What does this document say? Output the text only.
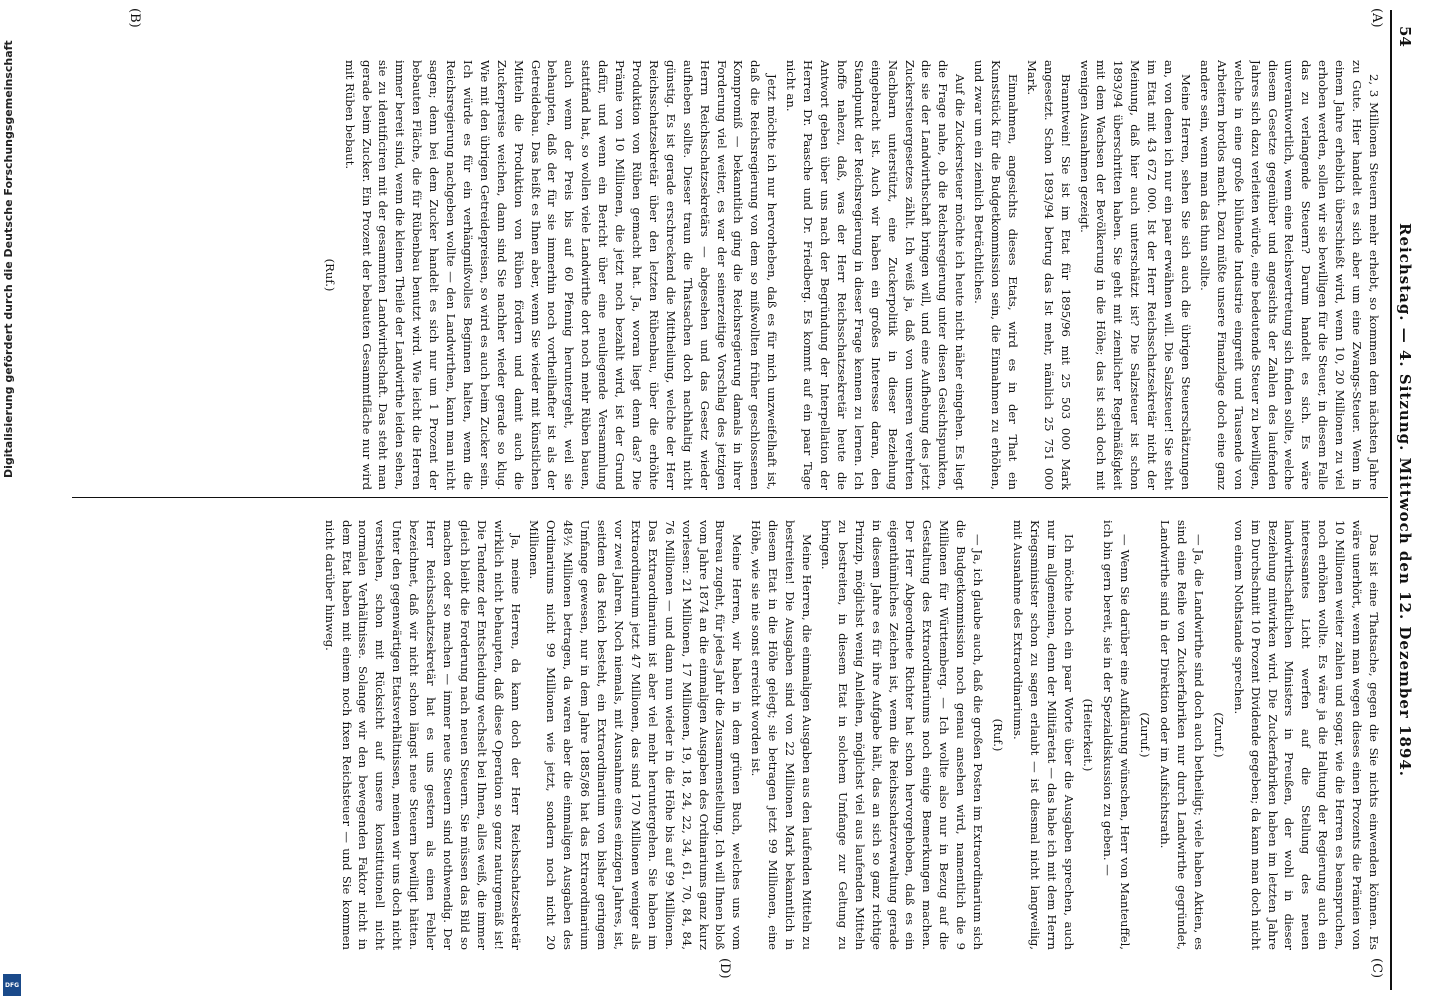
54
Reichstag. — 4. Sitzung. Mittwoch den 12. Dezember 1894.
(A)
(B)
(C)
(D)

2, 3 Millionen Steuern mehr erhebt, so kommen dem nächsten Jahre zu Gute. Hier handelt es sich aber um eine Zwangs-Steuer. Wenn in einem Jahre erheblich überschießt wird, wenn 10, 20 Millionen zu viel erhoben werden, sollen wir sie bewilligen für die Steuer, in diesem Falle das zu verlangende Steuern? Darum handelt es sich. Es wäre unverantwortlich, wenn eine Reichsvertretung sich finden sollte, welche diesem Gesetze gegenüber und angesichts der Zahlen des laufenden Jahres sich dazu verleiten würde, eine bedeutende Steuer zu bewilligen, welche in eine große blühende Industrie eingreift und Tausende von Arbeitern brotlos macht. Dazu müßte unsere Finanzlage doch eine ganz andere sein, wenn man das thun sollte.

Meine Herren, sehen Sie sich auch die übrigen Steuerschätzungen an, von denen ich nur ein paar erwähnen will. Die Salzsteuer! Sie steht im Etat mit 43 672 000. Ist der Herr Reichsschatzsekretär nicht der Meinung, daß hier auch unterschätzt ist? Die Salzsteuer ist schon 1893/94 überschritten haben. Sie geht mit ziemlicher Regelmäßigkeit mit dem Wachsen der Bevölkerung in die Höhe; das ist sich doch mit wenigen Ausnahmen gezeigt.

Branntwein! Sie ist im Etat für 1895/96 mit 25 503 000 Mark angesetzt. Schon 1893/94 betrug das Ist mehr, nämlich 25 751 000 Mark.

Einnahmen, angesichts dieses Etats, wird es in der That ein Kunststück für die Budgetkommission sein, die Einnahmen zu erhöhen, und zwar um ein ziemlich Beträchtliches.

Auf die Zuckersteuer möchte ich heute nicht näher eingehen. Es liegt die Frage nahe, ob die Reichsregierung unter diesen Gesichtspunkten, die sie der Landwirthschaft bringen will, und eine Aufhebung des jetzt Zuckersteuergesetzes zählt. Ich weiß ja, daß von unseren verehrten Nachbarn unterstützt, eine Zuckerpolitik in dieser Beziehung eingebracht ist. Auch wir haben ein großes Interesse daran, den Standpunkt der Reichsregierung in dieser Frage kennen zu lernen. Ich hoffe nahezu, daß, was der Herr Reichsschatzsekretär heute die Antwort geben über uns nach der Begründung der Interpellation der Herren Dr. Paasche und Dr. Friedberg. Es kommt auf ein paar Tage nicht an.

Jetzt möchte ich nur hervorheben, daß es für mich unzweifelhaft ist, daß die Reichsregierung von dem so mißwollten früher geschlossenen Kompromiß — bekanntlich ging die Reichsregierung damals in ihrer Forderung viel weiter, es war der seinerzeitige Vorschlag des jetzigen Herrn Reichsschatzsekretärs — abgesehen und das Gesetz wieder aufheben sollte. Dieser traun die Thatsachen doch nachhaltig nicht günstig. Es ist gerade erschreckend die Mittheilung, welche der Herr Reichsschatzsekretär über den letzten Rübenbau, über die erhöhte Produktion von Rüben gemacht hat. Ja, woran liegt denn das? Die Prämie von 10 Millionen, die jetzt noch bezahlt wird, ist der Grund dafür, und wenn ein Bericht über eine neuliegende Versammlung stattfand hat, so wollen viele Landwirthe dort noch mehr Rüben bauen, auch wenn der Preis bis auf 60 Pfennig heruntergeht, weil sie behaupten, daß der für sie immerhin noch vortheilhafter ist als der Getreidebau. Das heißt es Ihnen aber, wenn Sie wieder mit künstlichen Mitteln die Produktion von Rüben fördern und damit auch die Zuckerpreise weichen, dann sind Sie nachher wieder gerade so klug. Wie mit den übrigen Getreidepreisen, so wird es auch beim Zucker sein. Ich würde es für ein verhängnißvolles Beginnen halten, wenn die Reichsregierung nachgeben wollte — den Landwirthen, kann man nicht sagen; denn bei dem Zucker handelt es sich nur um 1 Prozent der bebauten Fläche, die für Rübenbau benutzt wird. Wie leicht die Herren immer bereit sind, wenn die kleinen Theile der Landwirthe leiden sehen, sie zu identificiren mit der gesammten Landwirthschaft. Das steht man gerade beim Zucker. Ein Prozent der bebauten Gesammtfläche nur wird mit Rüben bebaut.

(Ruf.)

Das ist eine Thatsache, gegen die Sie nichts einwenden können. Es wäre unerhört, wenn man wegen dieses einen Prozents die Prämien von 10 Millionen weiter zahlen und sogar, wie die Herren es beanspruchen, noch erhöhen wollte. Es wäre ja die Haltung der Regierung auch ein interessantes Licht werfen auf die Stellung des neuen landwirthschaftlichen Ministers in Preußen, der wohl in dieser Beziehung mitwirken wird. Die Zuckerfabriken haben im letzten Jahre im Durchschnitt 10 Prozent Dividende gegeben; da kann man doch nicht von einem Nothstande sprechen.

(Zuruf.)

— Ja, die Landwirthe sind doch auch betheiligt; viele haben Aktien, es sind eine Reihe von Zuckerfabriken nur durch Landwirthe gegründet, Landwirthe sind in der Direktion oder im Aufsichtsrath.

(Zuruf.)

— Wenn Sie darüber eine Aufklärung wünschen, Herr von Manteuffel, ich bin gern bereit, sie in der Spezialdiskussion zu geben. —

(Heiterkeit.)

Ich möchte noch ein paar Worte über die Ausgaben sprechen, auch nur im allgemeinen, denn der Militäretat — das habe ich mit dem Herrn Kriegsminister schon zu sagen erlaubt — ist diesmal nicht langweilig, mit Ausnahme des Extraordinariums.

(Ruf.)

— Ja, ich glaube auch, daß die großen Posten im Extraordinarium sich die Budgetkommission noch genau ansehen wird, namentlich die 9 Millionen für Württemberg. — Ich wollte also nur in Bezug auf die Gestaltung des Extraordinariums noch einige Bemerkungen machen. Der Herr Abgeordnete Richter hat schon hervorgehoben, daß es ein eigenthümliches Zeichen ist, wenn die Reichsschatzverwaltung gerade in diesem Jahre es für ihre Aufgabe hält, das an sich so ganz richtige Prinzip, möglichst wenig Anleihen, möglichst viel aus laufenden Mitteln zu bestreiten, in diesem Etat in solchem Umfange zur Geltung zu bringen.

Meine Herren, die einmaligen Ausgaben aus den laufenden Mitteln zu bestreiten! Die Ausgaben sind von 22 Millionen Mark bekanntlich in diesem Etat in die Höhe gelegt; sie betragen jetzt 99 Millionen, eine Höhe, wie sie nie sonst erreicht worden ist.

Meine Herren, wir haben in dem grünen Buch, welches uns vom Bureau zugeht, für jedes Jahr die Zusammenstellung. Ich will Ihnen bloß vom Jahre 1874 an die einmaligen Ausgaben des Ordinariums ganz kurz vorlesen: 21 Millionen, 17 Millionen, 19, 18, 24, 22, 34, 61, 70, 84, 84, 76 Millionen — und dann nun wieder in die Höhe bis auf 99 Millionen. Das Extraordinarium ist aber viel mehr heruntergehen. Sie haben im Extraordinarium jetzt 47 Millionen, das sind 170 Millionen weniger als vor zwei Jahren. Noch niemals, mit Ausnahme eines einzigen Jahres, ist, seitdem das Reich besteht, ein Extraordinarium von bisher geringem Umfange gewesen, nur in dem Jahre 1885/86 hat das Extraordinarium 48½ Millionen betragen, da waren aber die einmaligen Ausgaben des Ordinariums nicht 99 Millionen wie jetzt, sondern noch nicht 20 Millionen.

Ja, meine Herren, da kann doch der Herr Reichsschatzsekretär wirklich nicht behaupten, daß diese Operation so ganz naturgemäß ist! Die Tendenz der Entscheidung wechselt bei Ihnen, alles weiß, die immer gleich bleibt die Forderung nach neuen Steuern. Sie müssen das Bild so machen oder so machen — immer neue Steuern sind nothwendig. Der Herr Reichsschatzsekretär hat es uns gestern als einen Fehler bezeichnet, daß wir nicht schon längst neue Steuern bewilligt hätten. Unter den gegenwärtigen Etatsverhältnissen, meinen wir uns doch nicht verstehen, schon mit Rücksicht auf unsere konstitutionell nicht normalen Verhältnisse. Solange wir den bewegenden Faktor nicht in dem Etat haben mit einem noch fixen Reichsteuer — und Sie kommen nicht darüber hinweg.

Digitalisierung gefördert durch die Deutsche Forschungsgemeinschaft
DFG
